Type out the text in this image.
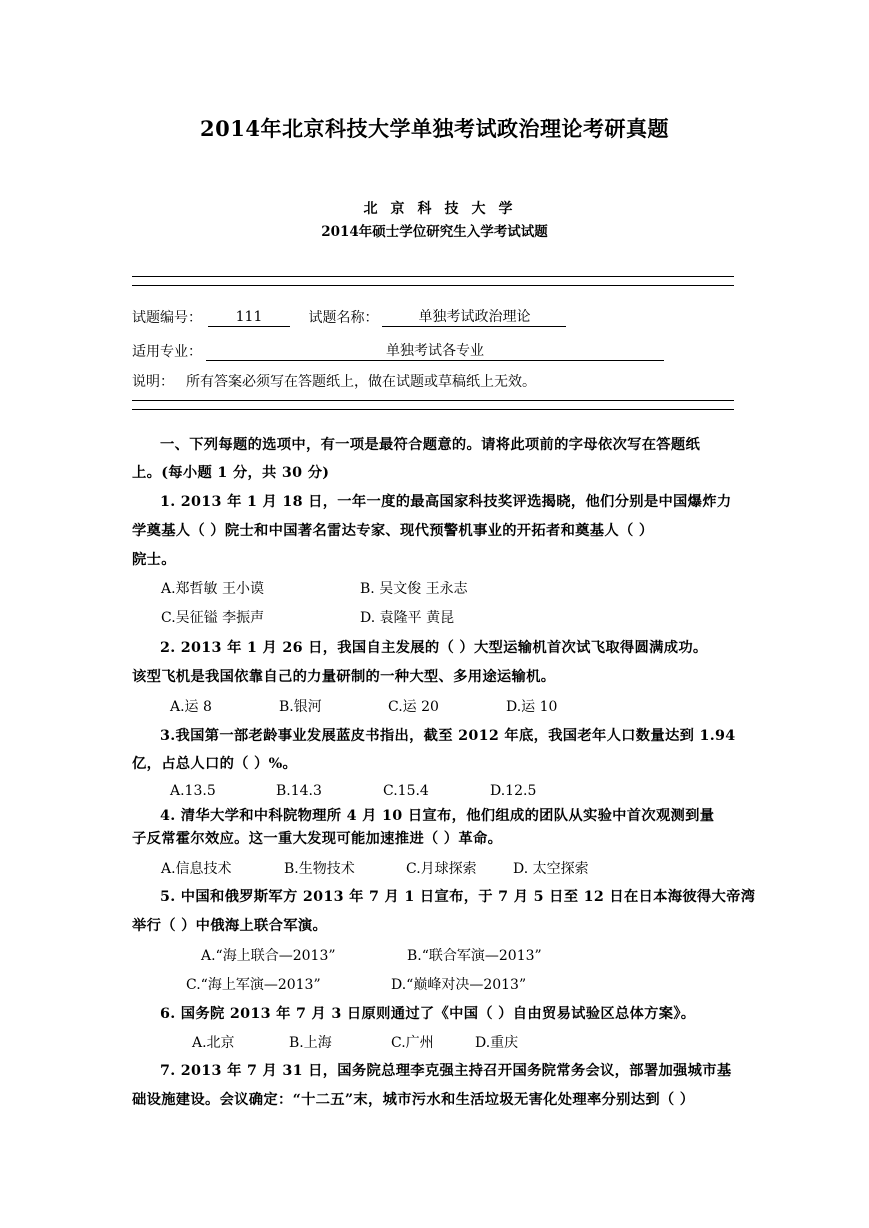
2014年北京科技大学单独考试政治理论考研真题
北京科技大学
2014年硕士学位研究生入学考试试题
试题编号： 111	试题名称：	单独考试政治理论
适用专业：	单独考试各专业
说明： 所有答案必须写在答题纸上，做在试题或草稿纸上无效。
一、下列每题的选项中，有一项是最符合题意的。请将此项前的字母依次写在答题纸
上。(每小题 1 分，共 30 分)
1. 2013 年 1 月 18 日，一年一度的最高国家科技奖评选揭晓，他们分别是中国爆炸力
学奠基人（ ）院士和中国著名雷达专家、现代预警机事业的开拓者和奠基人（ ）
院士。
A.郑哲敏 王小谟	B. 吴文俊 王永志
C.吴征镒 李振声	D. 袁隆平 黄昆
2. 2013 年 1 月 26 日，我国自主发展的（ ）大型运输机首次试飞取得圆满成功。
该型飞机是我国依靠自己的力量研制的一种大型、多用途运输机。
A.运 8	B.银河	C.运 20	D.运 10
3.我国第一部老龄事业发展蓝皮书指出，截至 2012 年底，我国老年人口数量达到 1.94
亿，占总人口的（ ）%。
A.13.5	B.14.3	C.15.4	D.12.5
4. 清华大学和中科院物理所 4 月 10 日宣布，他们组成的团队从实验中首次观测到量
子反常霍尔效应。这一重大发现可能加速推进（ ）革命。
A.信息技术	B.生物技术	C.月球探索	D. 太空探索
5. 中国和俄罗斯军方 2013 年 7 月 1 日宣布，于 7 月 5 日至 12 日在日本海彼得大帝湾
举行（ ）中俄海上联合军演。
A.“海上联合—2013”	B.“联合军演—2013”
C.“海上军演—2013”	D.“巅峰对决—2013”
6. 国务院 2013 年 7 月 3 日原则通过了《中国（ ）自由贸易试验区总体方案》。
A.北京	B.上海	C.广州	D.重庆
7. 2013 年 7 月 31 日，国务院总理李克强主持召开国务院常务会议，部署加强城市基
础设施建设。会议确定：“十二五”末，城市污水和生活垃圾无害化处理率分别达到（ ）
